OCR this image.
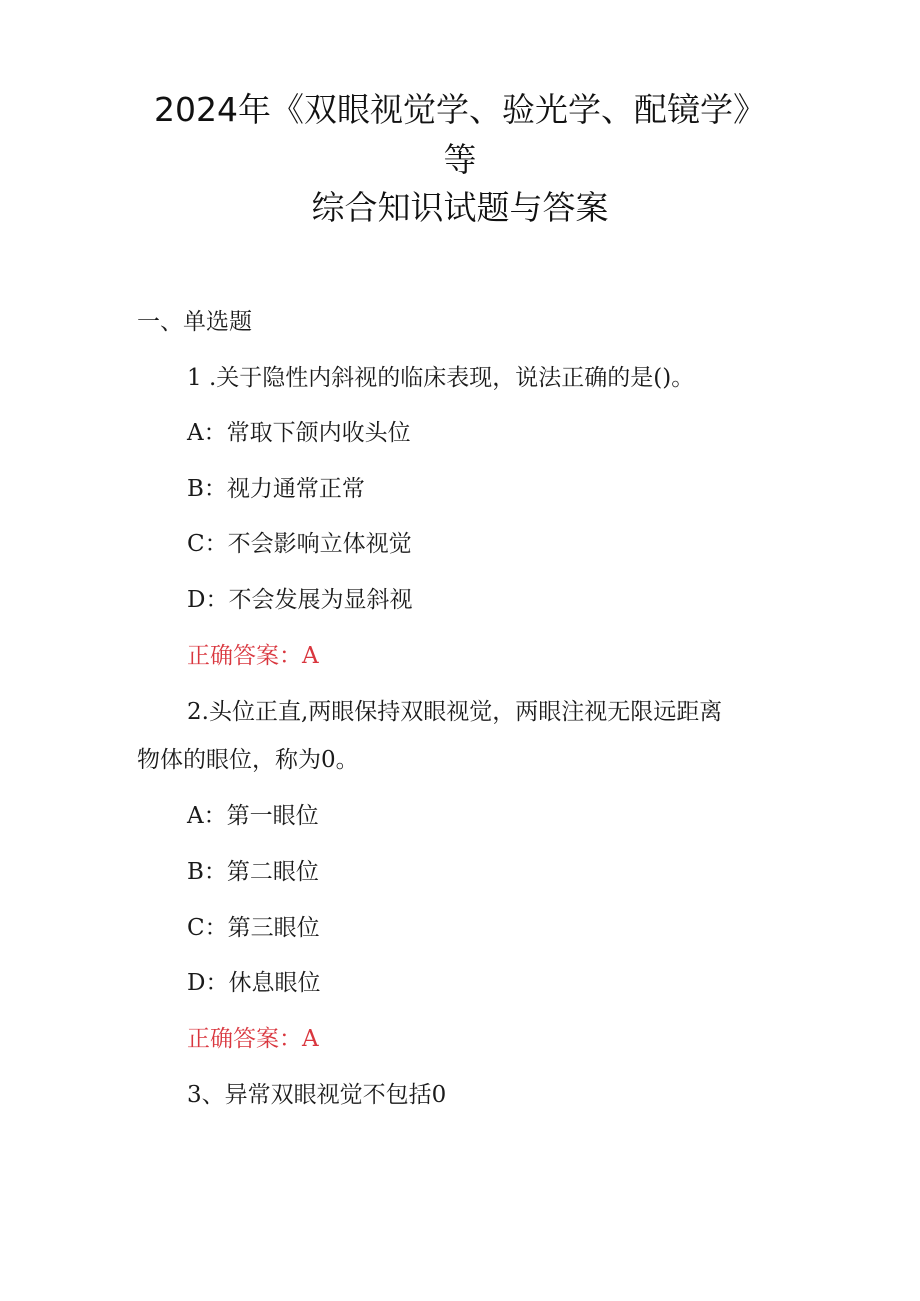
2024年《双眼视觉学、验光学、配镜学》
等
综合知识试题与答案
一、单选题
1 .关于隐性内斜视的临床表现，说法正确的是()。
A：常取下颌内收头位
B：视力通常正常
C：不会影响立体视觉
D：不会发展为显斜视
正确答案：A
2.头位正直,两眼保持双眼视觉，两眼注视无限远距离
物体的眼位，称为0。
A：第一眼位
B：第二眼位
C：第三眼位
D：休息眼位
正确答案：A
3、异常双眼视觉不包括0
